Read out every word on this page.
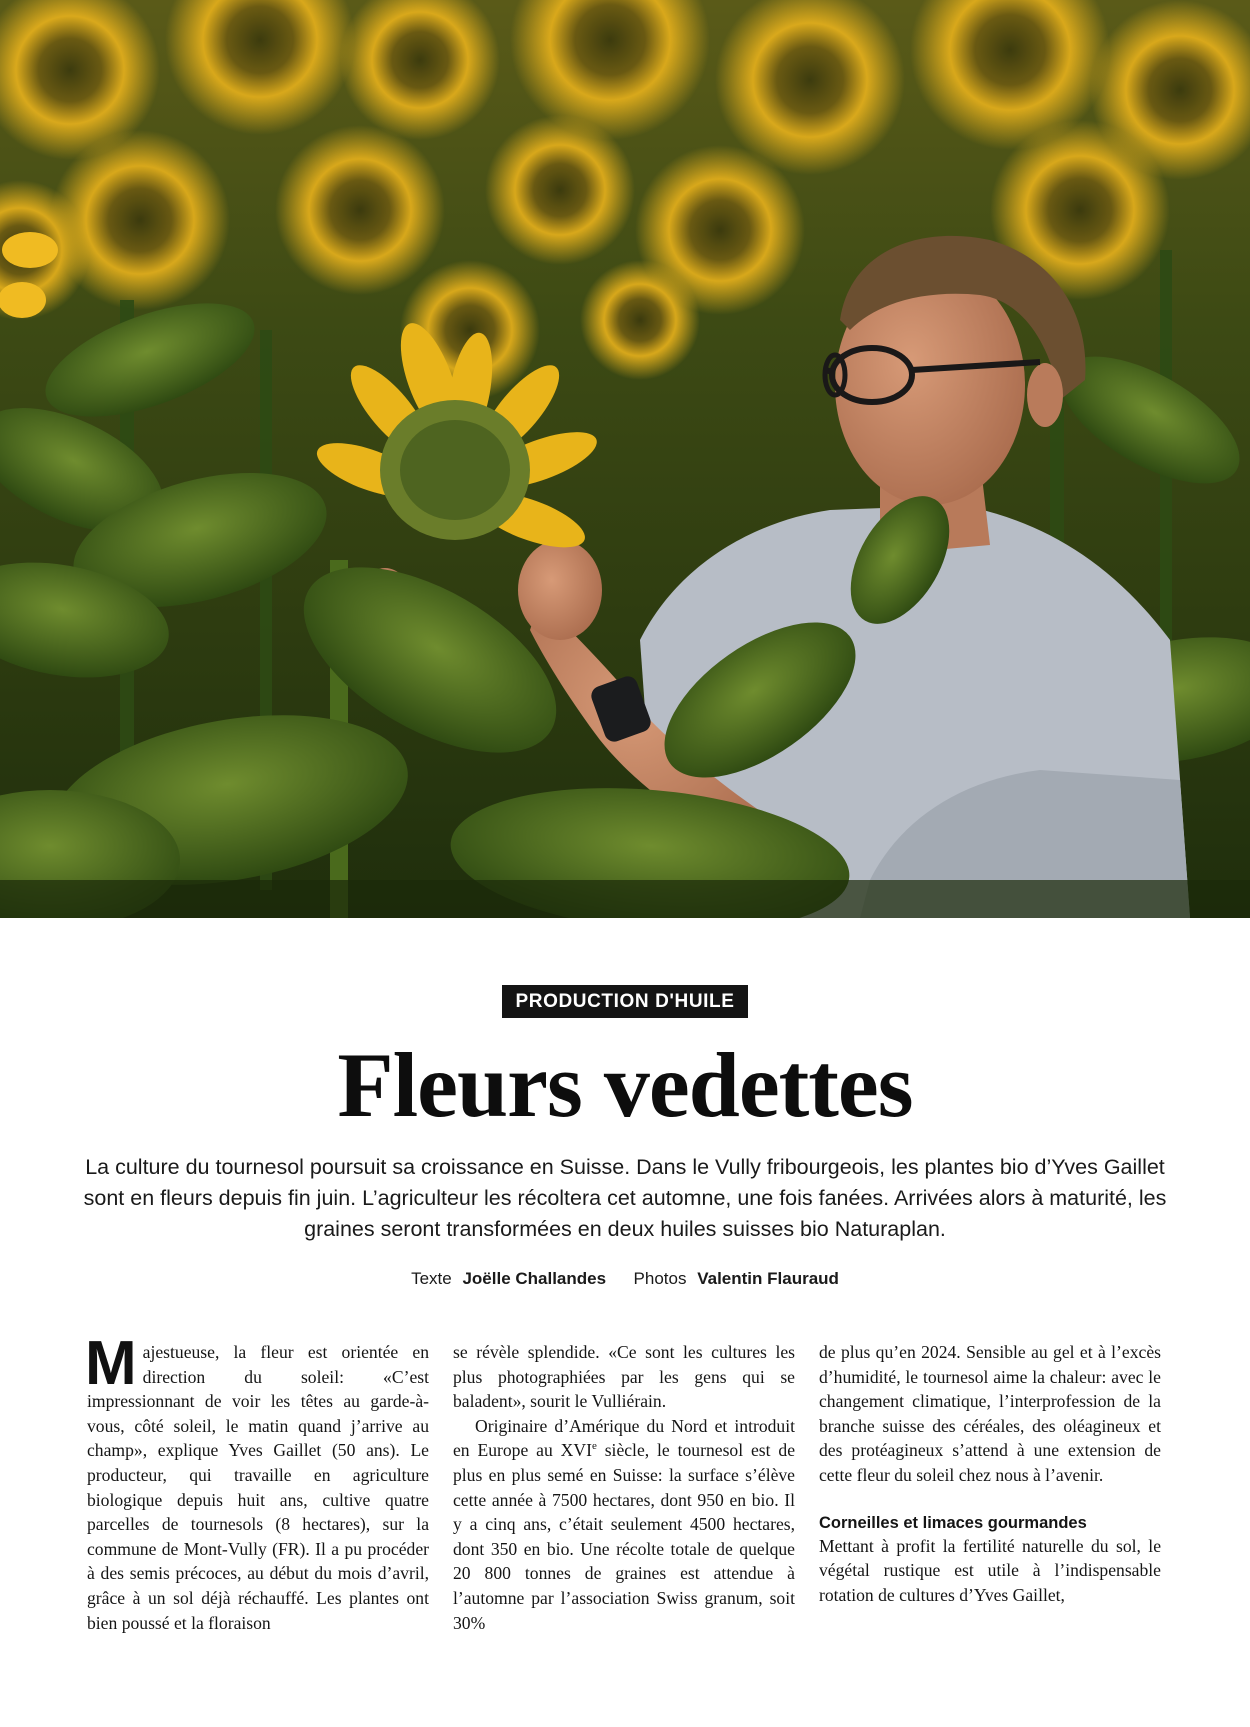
PRODUCTION D'HUILE
Fleurs vedettes

La culture du tournesol poursuit sa croissance en Suisse. Dans le Vully fribourgeois, les plantes bio d’Yves Gaillet sont en fleurs depuis fin juin. L’agriculteur les récoltera cet automne, une fois fanées. Arrivées alors à maturité, les graines seront transformées en deux huiles suisses bio Naturaplan.

Texte Joëlle Challandes Photos Valentin Flauraud

Majestueuse, la fleur est orientée en direction du soleil: «C’est impressionnant de voir les têtes au garde-à-vous, côté soleil, le matin quand j’arrive au champ», explique Yves Gaillet (50 ans). Le producteur, qui travaille en agriculture biologique depuis huit ans, cultive quatre parcelles de tournesols (8 hectares), sur la commune de Mont-Vully (FR). Il a pu procéder à des semis précoces, au début du mois d’avril, grâce à un sol déjà réchauffé. Les plantes ont bien poussé et la floraison

se révèle splendide. «Ce sont les cultures les plus photographiées par les gens qui se baladent», sourit le Vulliérain.

Originaire d’Amérique du Nord et introduit en Europe au XVIe siècle, le tournesol est de plus en plus semé en Suisse: la surface s’élève cette année à 7500 hectares, dont 950 en bio. Il y a cinq ans, c’était seulement 4500 hectares, dont 350 en bio. Une récolte totale de quelque 20 800 tonnes de graines est attendue à l’automne par l’association Swiss granum, soit 30%

de plus qu’en 2024. Sensible au gel et à l’excès d’humidité, le tournesol aime la chaleur: avec le changement climatique, l’interprofession de la branche suisse des céréales, des oléagineux et des protéagineux s’attend à une extension de cette fleur du soleil chez nous à l’avenir.

Corneilles et limaces gourmandes

Mettant à profit la fertilité naturelle du sol, le végétal rustique est utile à l’indispensable rotation de cultures d’Yves Gaillet,
